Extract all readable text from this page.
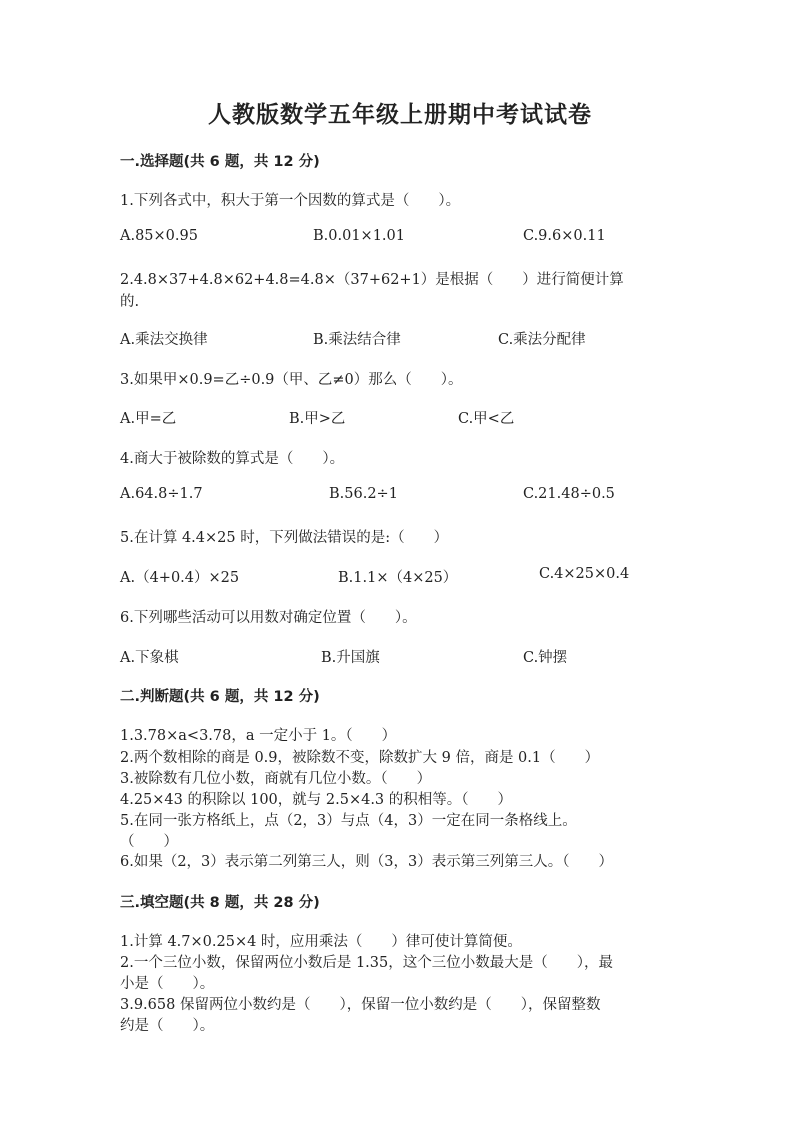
人教版数学五年级上册期中考试试卷
一.选择题(共 6 题，共 12 分)
1.下列各式中，积大于第一个因数的算式是（　　）。
A.85×0.95	B.0.01×1.01	C.9.6×0.11
2.4.8×37+4.8×62+4.8=4.8×（37+62+1）是根据（　　）进行简便计算
的.
A.乘法交换律	B.乘法结合律	C.乘法分配律
3.如果甲×0.9=乙÷0.9（甲、乙≠0）那么（　　）。
A.甲=乙	B.甲>乙	C.甲<乙
4.商大于被除数的算式是（　　）。
A.64.8÷1.7	B.56.2÷1	C.21.48÷0.5
5.在计算 4.4×25 时，下列做法错误的是:（　　）
A.（4+0.4）×25	B.1.1×（4×25）	C.4×25×0.4
6.下列哪些活动可以用数对确定位置（　　）。
A.下象棋	B.升国旗	C.钟摆
二.判断题(共 6 题，共 12 分)
1.3.78×a<3.78，a 一定小于 1。（　　）
2.两个数相除的商是 0.9，被除数不变，除数扩大 9 倍，商是 0.1（　　）
3.被除数有几位小数，商就有几位小数。（　　）
4.25×43 的积除以 100，就与 2.5×4.3 的积相等。（　　）
5.在同一张方格纸上，点（2，3）与点（4，3）一定在同一条格线上。
（　　）
6.如果（2，3）表示第二列第三人，则（3，3）表示第三列第三人。（　　）
三.填空题(共 8 题，共 28 分)
1.计算 4.7×0.25×4 时，应用乘法（　　）律可使计算简便。
2.一个三位小数，保留两位小数后是 1.35，这个三位小数最大是（　　），最
小是（　　）。
3.9.658 保留两位小数约是（　　），保留一位小数约是（　　），保留整数
约是（　　）。
